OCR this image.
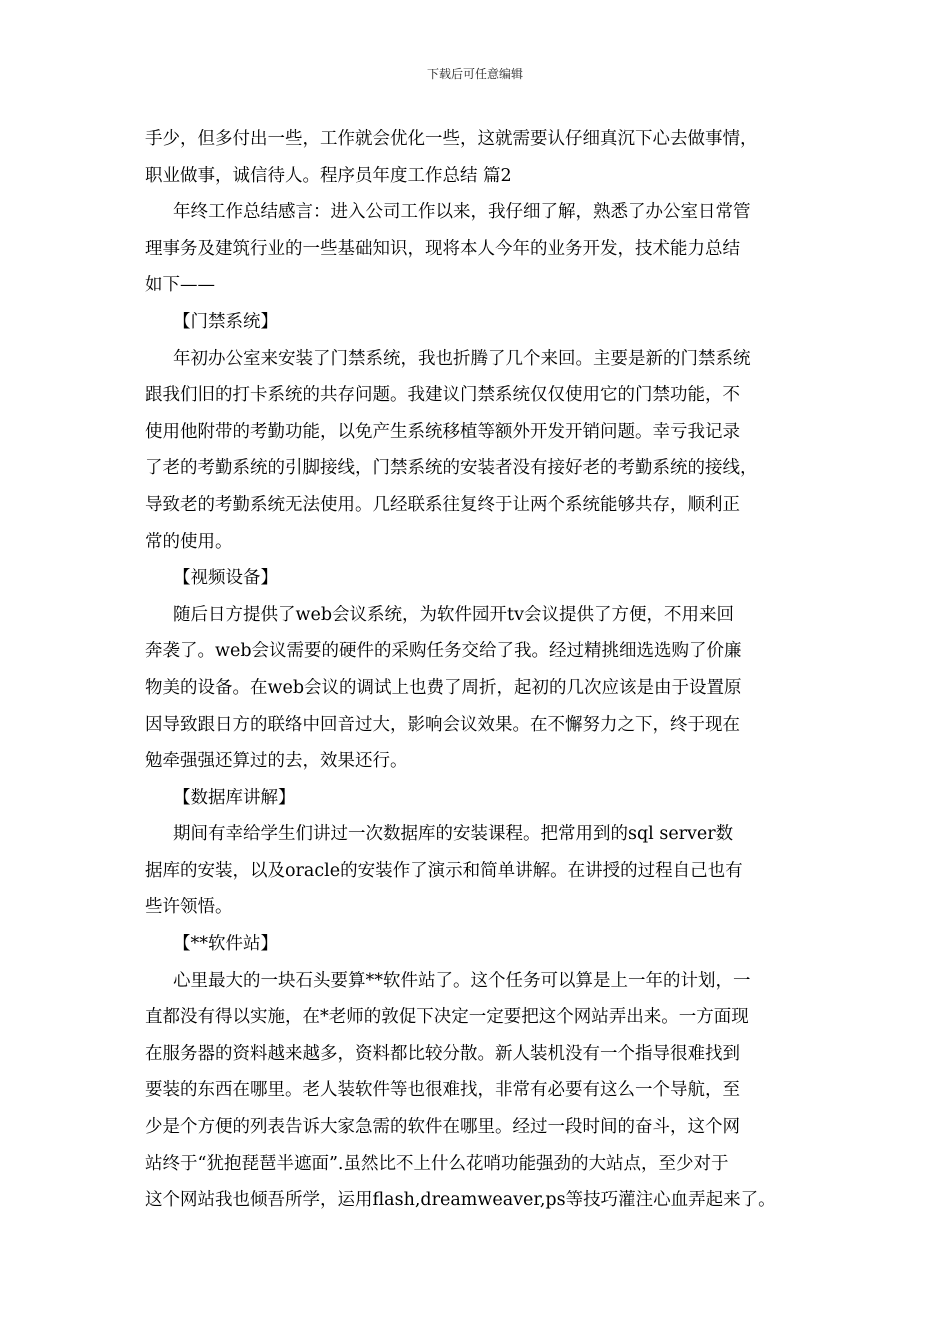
下载后可任意编辑
手少，但多付出一些，工作就会优化一些，这就需要认仔细真沉下心去做事情，
职业做事，诚信待人。程序员年度工作总结 篇2
年终工作总结感言：进入公司工作以来，我仔细了解，熟悉了办公室日常管
理事务及建筑行业的一些基础知识，现将本人今年的业务开发，技术能力总结
如下——
【门禁系统】
年初办公室来安装了门禁系统，我也折腾了几个来回。主要是新的门禁系统
跟我们旧的打卡系统的共存问题。我建议门禁系统仅仅使用它的门禁功能，不
使用他附带的考勤功能，以免产生系统移植等额外开发开销问题。幸亏我记录
了老的考勤系统的引脚接线，门禁系统的安装者没有接好老的考勤系统的接线，
导致老的考勤系统无法使用。几经联系往复终于让两个系统能够共存，顺利正
常的使用。
【视频设备】
随后日方提供了web会议系统，为软件园开tv会议提供了方便，不用来回
奔袭了。web会议需要的硬件的采购任务交给了我。经过精挑细选选购了价廉
物美的设备。在web会议的调试上也费了周折，起初的几次应该是由于设置原
因导致跟日方的联络中回音过大，影响会议效果。在不懈努力之下，终于现在
勉牵强强还算过的去，效果还行。
【数据库讲解】
期间有幸给学生们讲过一次数据库的安装课程。把常用到的sql server数
据库的安装，以及oracle的安装作了演示和简单讲解。在讲授的过程自己也有
些许领悟。
【**软件站】
心里最大的一块石头要算**软件站了。这个任务可以算是上一年的计划，一
直都没有得以实施，在*老师的敦促下决定一定要把这个网站弄出来。一方面现
在服务器的资料越来越多，资料都比较分散。新人装机没有一个指导很难找到
要装的东西在哪里。老人装软件等也很难找，非常有必要有这么一个导航，至
少是个方便的列表告诉大家急需的软件在哪里。经过一段时间的奋斗，这个网
站终于“犹抱琵琶半遮面”.虽然比不上什么花哨功能强劲的大站点，至少对于
这个网站我也倾吾所学，运用flash,dreamweaver,ps等技巧灌注心血弄起来了。
